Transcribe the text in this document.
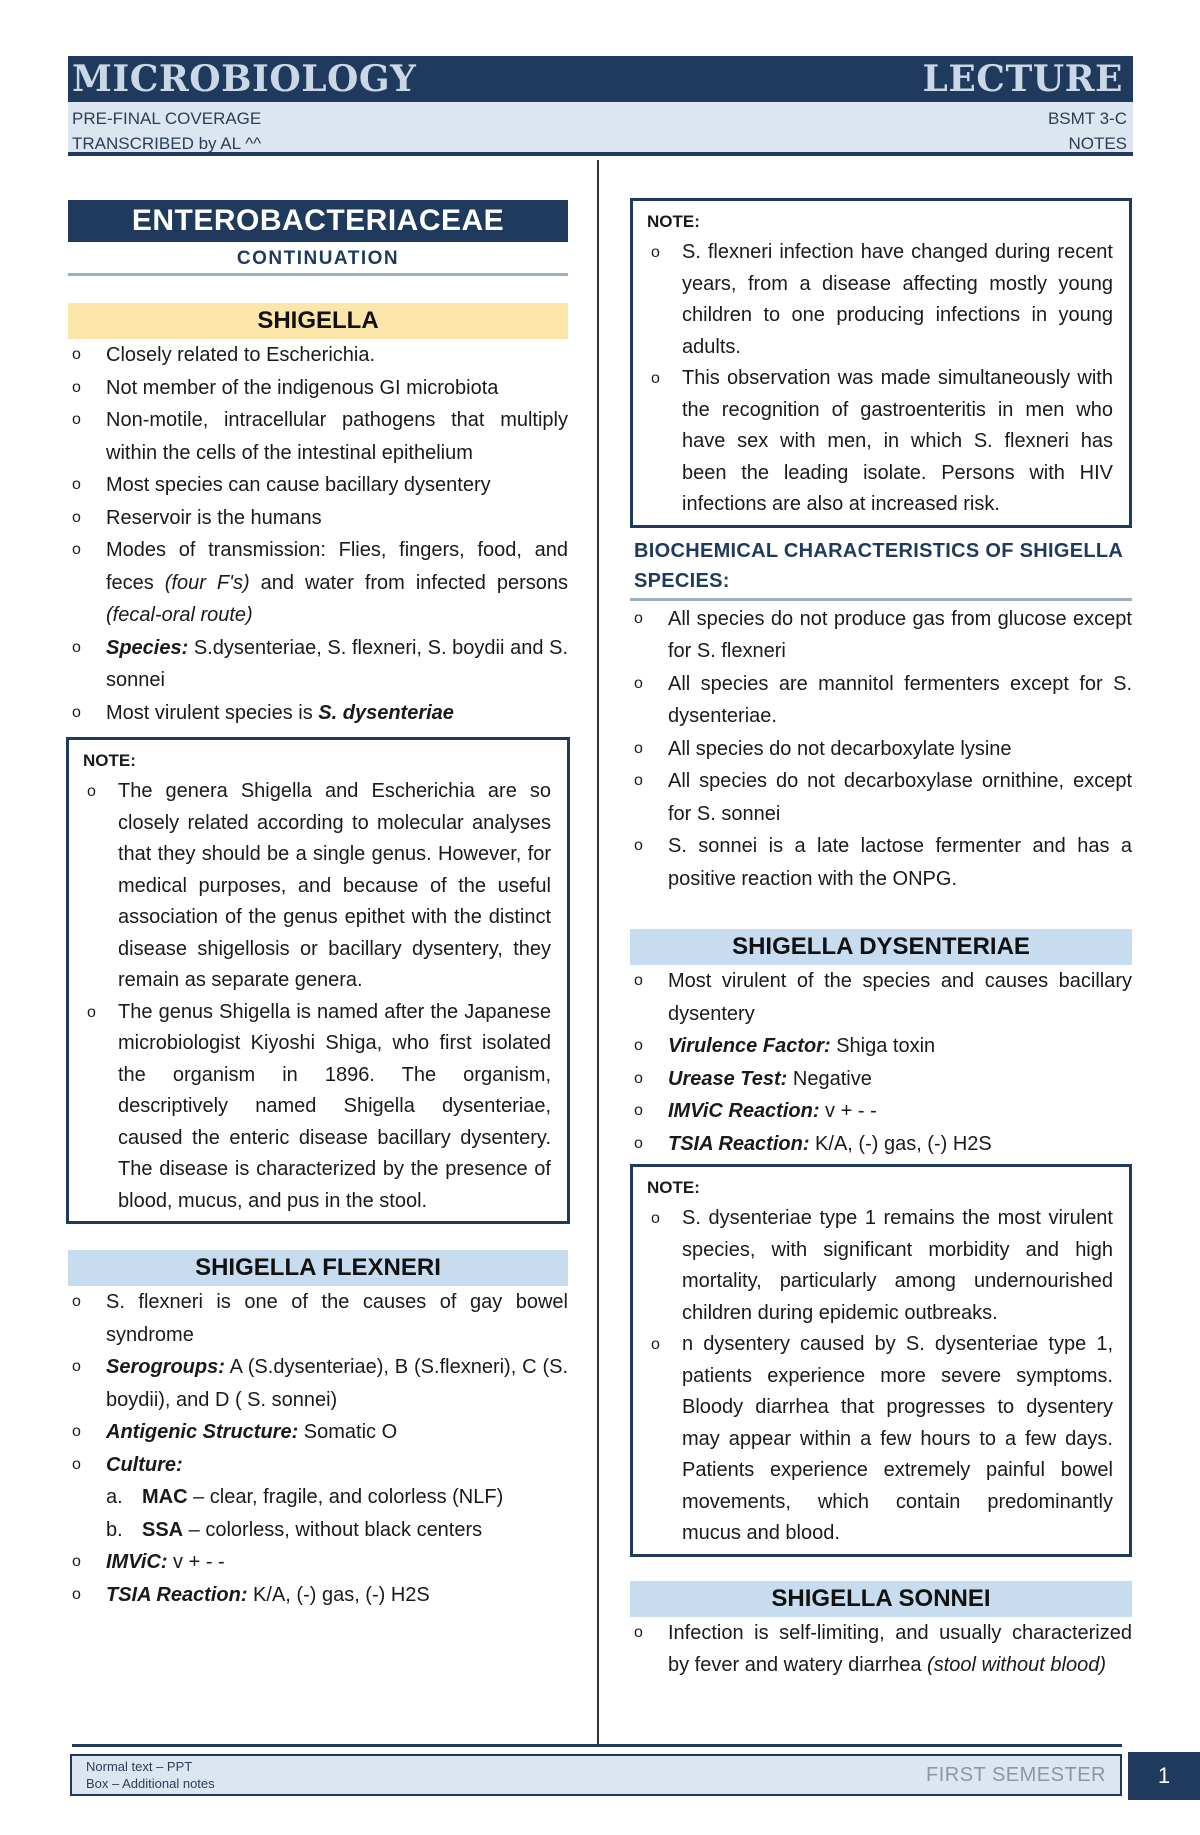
MICROBIOLOGY	LECTURE
PRE-FINAL COVERAGE
TRANSCRIBED by AL ^^
BSMT 3-C
NOTES
ENTEROBACTERIACEAE
CONTINUATION
SHIGELLA
o Closely related to Escherichia.
o Not member of the indigenous GI microbiota
o Non-motile, intracellular pathogens that multiply within the cells of the intestinal epithelium
o Most species can cause bacillary dysentery
o Reservoir is the humans
o Modes of transmission: Flies, fingers, food, and feces (four F's) and water from infected persons (fecal-oral route)
o Species: S.dysenteriae, S. flexneri, S. boydii and S. sonnei
o Most virulent species is S. dysenteriae
NOTE:
o The genera Shigella and Escherichia are so closely related according to molecular analyses that they should be a single genus. However, for medical purposes, and because of the useful association of the genus epithet with the distinct disease shigellosis or bacillary dysentery, they remain as separate genera.
o The genus Shigella is named after the Japanese microbiologist Kiyoshi Shiga, who first isolated the organism in 1896. The organism, descriptively named Shigella dysenteriae, caused the enteric disease bacillary dysentery. The disease is characterized by the presence of blood, mucus, and pus in the stool.
SHIGELLA FLEXNERI
o S. flexneri is one of the causes of gay bowel syndrome
o Serogroups: A (S.dysenteriae), B (S.flexneri), C (S. boydii), and D ( S. sonnei)
o Antigenic Structure: Somatic O
o Culture:
a. MAC – clear, fragile, and colorless (NLF)
b. SSA – colorless, without black centers
o IMViC: v + - -
o TSIA Reaction: K/A, (-) gas, (-) H2S
NOTE:
o S. flexneri infection have changed during recent years, from a disease affecting mostly young children to one producing infections in young adults.
o This observation was made simultaneously with the recognition of gastroenteritis in men who have sex with men, in which S. flexneri has been the leading isolate. Persons with HIV infections are also at increased risk.
BIOCHEMICAL CHARACTERISTICS OF SHIGELLA SPECIES:
o All species do not produce gas from glucose except for S. flexneri
o All species are mannitol fermenters except for S. dysenteriae.
o All species do not decarboxylate lysine
o All species do not decarboxylase ornithine, except for S. sonnei
o S. sonnei is a late lactose fermenter and has a positive reaction with the ONPG.
SHIGELLA DYSENTERIAE
o Most virulent of the species and causes bacillary dysentery
o Virulence Factor: Shiga toxin
o Urease Test: Negative
o IMViC Reaction: v + - -
o TSIA Reaction: K/A, (-) gas, (-) H2S
NOTE:
o S. dysenteriae type 1 remains the most virulent species, with significant morbidity and high mortality, particularly among undernourished children during epidemic outbreaks.
o n dysentery caused by S. dysenteriae type 1, patients experience more severe symptoms. Bloody diarrhea that progresses to dysentery may appear within a few hours to a few days. Patients experience extremely painful bowel movements, which contain predominantly mucus and blood.
SHIGELLA SONNEI
o Infection is self-limiting, and usually characterized by fever and watery diarrhea (stool without blood)
Normal text – PPT
Box – Additional notes	FIRST SEMESTER	1
